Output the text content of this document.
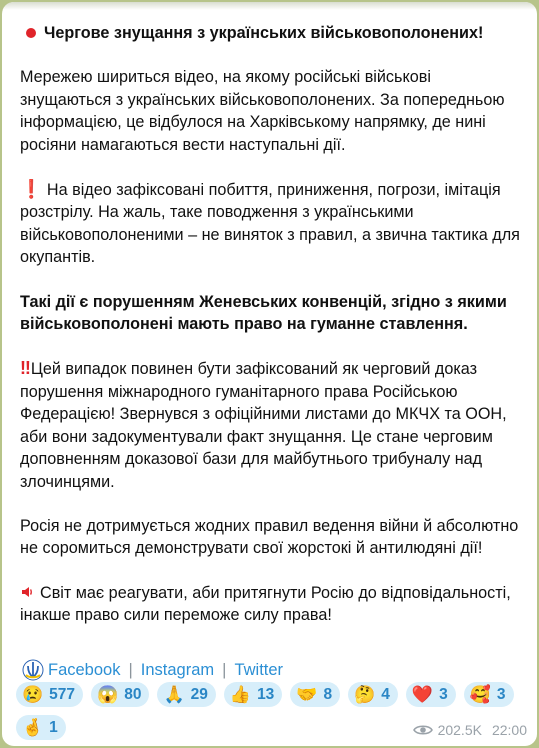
Чергове знущання з українських військовополонених!

Мережею шириться відео, на якому російські військові знущаються з українських військовополонених. За попередньою інформацією, це відбулося на Харківському напрямку, де нині росіяни намагаються вести наступальні дії.

❗ На відео зафіксовані побиття, приниження, погрози, імітація розстрілу. На жаль, таке поводження з українськими військовополоненими – не виняток з правил, а звична тактика для окупантів.

Такі дії є порушенням Женевських конвенцій, згідно з якими військовополонені мають право на гуманне ставлення.

‼ Цей випадок повинен бути зафіксований як черговий доказ порушення міжнародного гуманітарного права Російською Федерацією! Звернувся з офіційними листами до МКЧХ та ООН, аби вони задокументували факт знущання. Це стане черговим доповненням доказової бази для майбутнього трибуналу над злочинцями.

Росія не дотримується жодних правил ведення війни й абсолютно не соромиться демонструвати свої жорстокі й антилюдяні дії!

Світ має реагувати, аби притягнути Росію до відповідальності, інакше право сили переможе силу права!

Facebook | Instagram | Twitter
😢 577 😱 80 🙏 29 👍 13 🤝 8 🤔 4 ❤️ 3 🥰 3
🤞 1	202.5K 22:00
